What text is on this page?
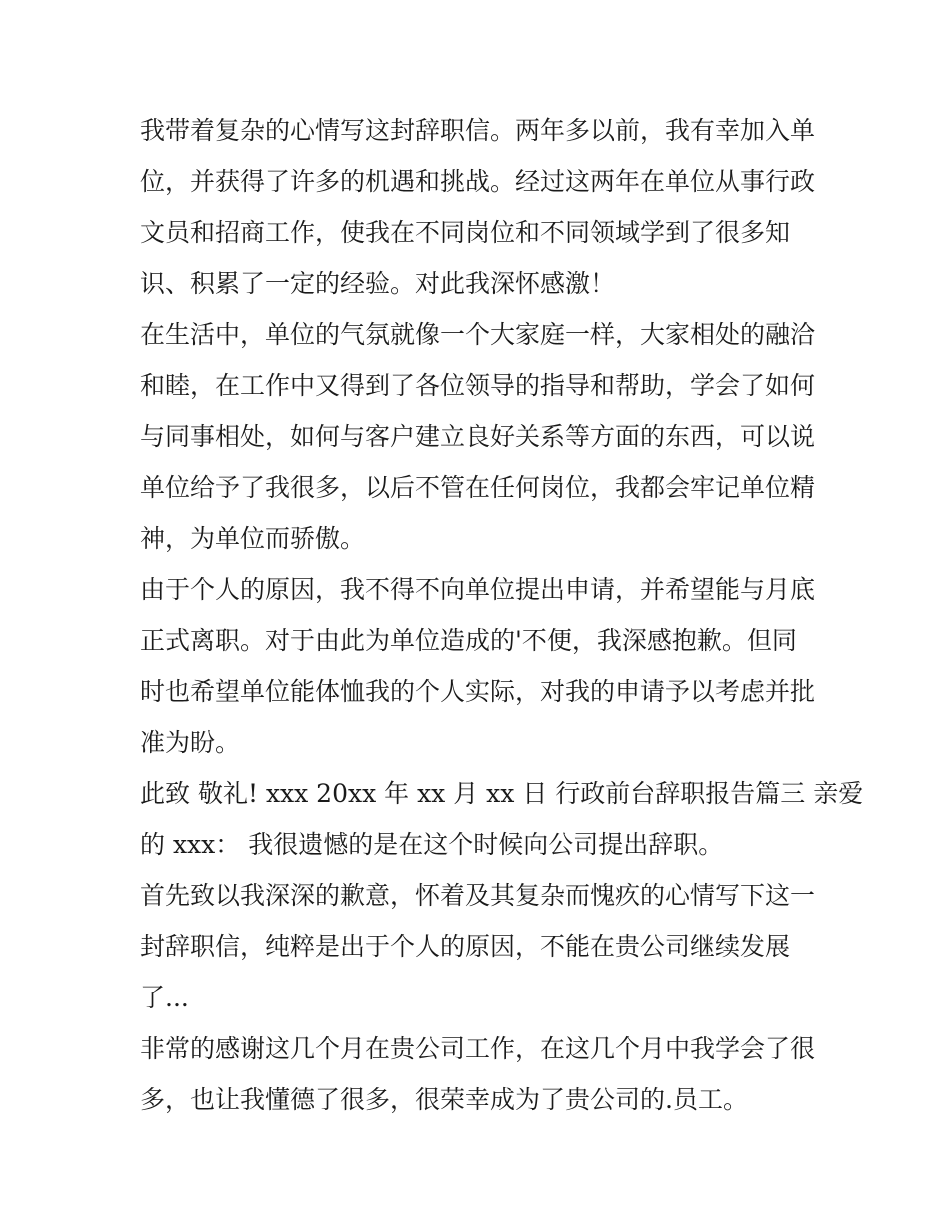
我带着复杂的心情写这封辞职信。两年多以前，我有幸加入单
位，并获得了许多的机遇和挑战。经过这两年在单位从事行政
文员和招商工作，使我在不同岗位和不同领域学到了很多知
识、积累了一定的经验。对此我深怀感激！

在生活中，单位的气氛就像一个大家庭一样，大家相处的融洽
和睦，在工作中又得到了各位领导的指导和帮助，学会了如何
与同事相处，如何与客户建立良好关系等方面的东西，可以说
单位给予了我很多，以后不管在任何岗位，我都会牢记单位精
神，为单位而骄傲。

由于个人的原因，我不得不向单位提出申请，并希望能与月底
正式离职。对于由此为单位造成的'不便，我深感抱歉。但同
时也希望单位能体恤我的个人实际，对我的申请予以考虑并批
准为盼。

此致 敬礼! xxx 20xx 年 xx 月 xx 日 行政前台辞职报告篇三 亲爱
的 xxx： 我很遗憾的是在这个时候向公司提出辞职。

首先致以我深深的歉意，怀着及其复杂而愧疚的心情写下这一
封辞职信，纯粹是出于个人的原因，不能在贵公司继续发展
了...

非常的感谢这几个月在贵公司工作，在这几个月中我学会了很
多，也让我懂德了很多，很荣幸成为了贵公司的.员工。
